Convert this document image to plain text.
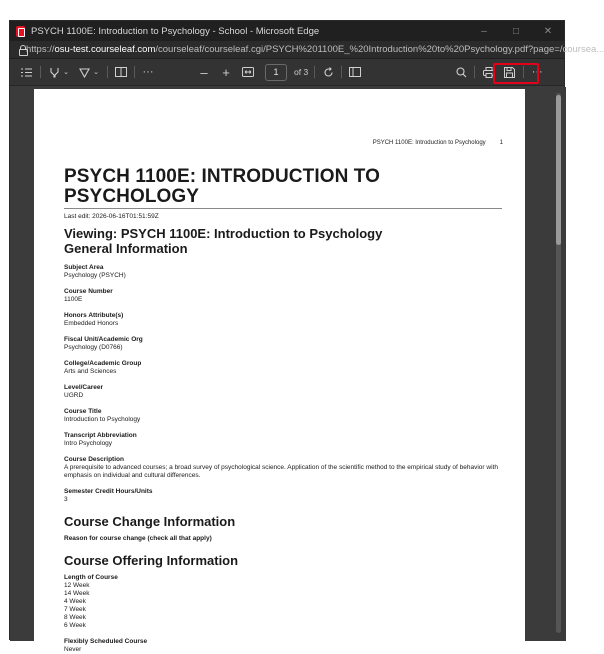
PSYCH 1100E: Introduction to Psychology - School - Microsoft Edge	–	□	✕
https://osu-test.courseleaf.com/courseleaf/courseleaf.cgi/PSYCH%201100E_%20Introduction%20to%20Psychology.pdf?page=/coursea...
⌄	⌄	···	– +	1	of 3	···
PSYCH 1100E: Introduction to Psychology 1
PSYCH 1100E: INTRODUCTION TO PSYCHOLOGY
Last edit: 2026-06-16T01:51:59Z
Viewing: PSYCH 1100E: Introduction to Psychology
General Information
Subject Area
Psychology (PSYCH)
Course Number
1100E
Honors Attribute(s)
Embedded Honors
Fiscal Unit/Academic Org
Psychology (D0766)
College/Academic Group
Arts and Sciences
Level/Career
UGRD
Course Title
Introduction to Psychology
Transcript Abbreviation
Intro Psychology
Course Description
A prerequisite to advanced courses; a broad survey of psychological science. Application of the scientific method to the empirical study of behavior with emphasis on individual and cultural differences.
Semester Credit Hours/Units
3
Course Change Information
Reason for course change (check all that apply)
Course Offering Information
Length of Course
12 Week
14 Week
4 Week
7 Week
8 Week
6 Week
Flexibly Scheduled Course
Never
